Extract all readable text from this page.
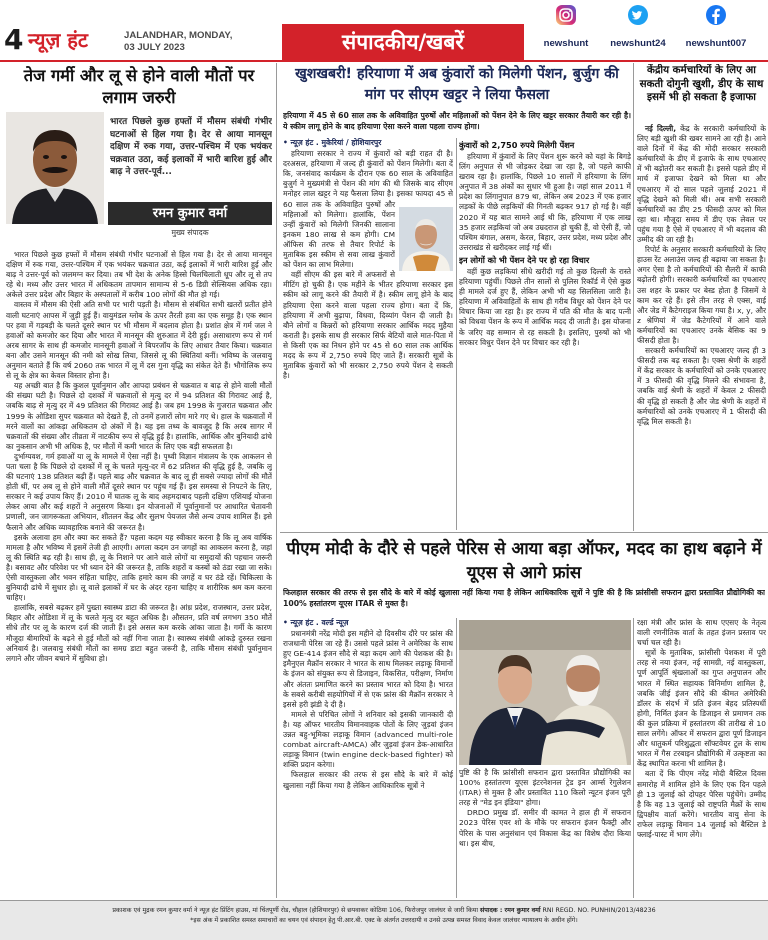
4 न्यूज़ हंट	JALANDHAR, MONDAY,
03 JULY 2023	संपादकीय/खबरें	newshunt	newshunt24	newshunt007
तेज गर्मी और लू से होने वाली मौतों पर लगाम जरुरी
भारत पिछले कुछ हफ्तों में मौसम संबंधी गंभीर घटनाओं से हिल गया है। देर से आया मानसून दक्षिण में रुक गया, उत्तर-पश्चिम में एक भयंकर चक्रवात उठा, कई इलाकों में भारी बारिश हुई और बाढ़ ने उत्तर-पूर्व...
रमन कुमार वर्मा
मुख्य संपादक

भारत पिछले कुछ हफ्तों में मौसम संबंधी गंभीर घटनाओं से हिल गया है। देर से आया मानसून दक्षिण में रुक गया, उत्तर-पश्चिम में एक भयंकर चक्रवात उठा, कई इलाकों में भारी बारिश हुई और बाढ़ ने उत्तर-पूर्व को जलमग्न कर दिया। तब भी देश के अनेक हिस्से चिलचिलाती धूप और लू से तप रहे थे। मध्य और उत्तर भारत में अधिकतम तापमान सामान्य से 5-6 डिग्री सेल्सियस अधिक रहा। अकेले उत्तर प्रदेश और बिहार के अस्पतालों में करीब 100 लोगों की मौत हो गई।

वास्तव में मौसम की ऐसी अति सभी पर भारी पड़ती है। मौसम से संबंधित सभी खतरों प्रतीत होने वाली घटनाएं आपस में जुड़ी हुई हैं। वायुमंडल ग्लोब के ऊपर तैरती हवा का एक समूह है। एक स्थान पर हवा में गड़बड़ी के चलते दूसरे स्थान पर भी मौसम में बदलाव होता है। प्रशांत क्षेत्र में गर्म जल ने हवाओं को कमजोर कर दिया और भारत में मानसून की शुरुआत में देरी हुई। असाधारण रूप से गर्म अरब सागर के साथ ही कमजोर मानसूनी हवाओं ने बिपरजॉय के लिए आधार तैयार किया। चक्रवात बना और उसने मानसून की नमी को सोख लिया, जिससे लू की स्थितियां बनीं। भविष्य के जलवायु अनुमान बताते हैं कि वर्ष 2060 तक भारत में लू में दस गुना वृद्धि का संकेत देते हैं। भौगोलिक रूप से लू के क्षेत्र का केवल विस्तार होना है।

यह अच्छी बात है कि कुशल पूर्वानुमान और आपदा प्रबंधन से चक्रवात व बाढ़ से होने वाली मौतों की संख्या घटी है। पिछले दो दशकों में चक्रवातों से मृत्यु दर में 94 प्रतिशत की गिरावट आई है, जबकि बाढ़ से मृत्यु दर में 49 प्रतिशत की गिरावट आई है। जब हम 1998 के गुजरात चक्रवात और 1999 के ओडिशा सुपर चक्रवात को देखते हैं, तो उनमें हजारों लोग मारे गए थे। हाल के चक्रवातों में मरने वालों का आंकड़ा अधिकतम दो अंकों में है। यह इस तथ्य के बावजूद है कि अरब सागर में चक्रवातों की संख्या और तीव्रता में नाटकीय रूप से वृद्धि हुई है। हालांकि, आर्थिक और बुनियादी ढांचे का नुकसान अभी भी अधिक है, पर मौतों में कमी भारत के लिए एक बड़ी सफलता है।

दुर्भाग्यवश, गर्म हवाओं या लू के मामले में ऐसा नहीं है। पृथ्वी विज्ञान मंत्रालय के एक आकलन से पता चला है कि पिछले दो दशकों में लू के चलते मृत्यु-दर में 62 प्रतिशत की वृद्धि हुई है, जबकि लू की घटनाएं 138 प्रतिशत बढ़ी हैं। पहले बाढ़ और चक्रवात के बाद लू ही सबसे ज्यादा लोगों की मौतें होती थीं, पर अब लू से होने वाली मौतें दूसरे स्थान पर पहुंच गई हैं। इस समस्या से निपटने के लिए, सरकार ने कई उपाय किए हैं। 2010 में घातक लू के बाद अहमदाबाद पहली दक्षिण एशियाई योजना लेकर आया और कई शहरों ने अनुसरण किया। इन योजनाओं में पूर्वानुमानों पर आधारित चेतावनी प्रणाली, जन जागरूकता अभियान, शीतलन केंद्र और सुलभ पेयजल जैसे अन्य उपाय शामिल हैं। इसे फैलाने और अधिक व्यावहारिक बनाने की जरूरत है।

इसके अलावा हम और क्या कर सकते हैं? पहला कदम यह स्वीकार करना है कि लू अब वार्षिक मामला है और भविष्य में इसमें तेजी ही आएगी। अगला कदम उन जगहों का आकलन करना है, जहां लू की स्थिति बढ़ रही है। साथ ही, लू के निशाने पर आने वाले लोगों या समुदायों की पहचान जरूरी है। बसावट और परिवेश पर भी ध्यान देने की जरूरत है, ताकि शहरों व कस्बों को ठंडा रखा जा सके। ऐसी वास्तुकला और भवन संहिता चाहिए, ताकि हमारे काम की जगहें व घर ठंडे रहें। चिकित्सा के बुनियादी ढांचे में सुधार हो। लू वाले इलाकों में घर के अंदर रहना चाहिए व शारीरिक श्रम कम करना चाहिए।

हालांकि, सबसे बढ़कर हमें पुख्ता स्वास्थ्य डाटा की जरूरत है। आंध्र प्रदेश, राजस्थान, उत्तर प्रदेश, बिहार और ओडिशा में लू के चलते मृत्यु दर बहुत अधिक है। औसतन, प्रति वर्ष लगभग 350 मौतें सीधे तौर पर लू के कारण दर्ज की जाती हैं। इसे असल कम करके आंका जाता है। गर्मी के कारण मौजूदा बीमारियों के बढ़ने से हुई मौतों को नहीं गिना जाता है। स्वास्थ्य संबंधी आंकड़े दुरुस्त रखना अनिवार्य है। जलवायु संबंधी मौतों का समग्र डाटा बहुत जरूरी है, ताकि मौसम संबंधी पूर्वानुमान लगाने और जीवन बचाने में सुविधा हो।

खुशखबरी! हरियाणा में अब कुंवारों को मिलेगी पेंशन, बुर्जुग की मांग पर सीएम खट्टर ने लिया फैसला
हरियाणा में 45 से 60 साल तक के अविवाहित पुरुषों और महिलाओं को पेंशन देने के लिए खट्टर सरकार तैयारी कर रही है। ये स्कीम लागू होने के बाद हरियाणा ऐसा करने वाला पहला राज्य होगा।
• न्यूज़ हंट . मुकेरियां / होशियारपुर

हरियाणा सरकार ने राज्य में कुंवारों को बड़ी राहत दी है। दरअसल, हरियाणा में जल्द ही कुंवारों को पेंशन मिलेगी। बता दें कि, जनसंवाद कार्यक्रम के दौरान एक 60 साल के अविवाहित बुजुर्ग ने मुख्यमंत्री से पेंशन की मांग की थी जिसके बाद सीएम मनोहर लाल खट्टर ने यह फैसला लिया है। इसका फायदा 45 से 60 साल तक के अविवाहित पुरुषों और महिलाओं को मिलेगा। हालांकि, पेंशन उन्हीं कुंवारों को मिलेगी जिनकी सालाना इनकम 180 लाख से कम होगी। CM ऑफिस की तरफ से तैयार रिपोर्ट के मुताबिक इस स्कीम से सवा लाख कुंवारों को पेंशन का लाभ मिलेगा।

वहीं सीएम की इस बारे में अफसरों से मीटिंग हो चुकी है। एक महीने के भीतर हरियाणा सरकार इस स्कीम को लागू करने की तैयारी में है। स्कीम लागू होने के बाद हरियाणा ऐसा करने वाला पहला राज्य होगा। बता दें कि, हरियाणा में अभी बुढ़ापा, विधवा, दिव्यांग पेंशन दी जाती है। बौने लोगों व किन्नरों को हरियाणा सरकार आर्थिक मदद मुहैया कराती है। इसके साथ ही सरकार सिर्फ बेटियों वाले मात-पिता में से किसी एक का निधन होने पर 45 से 60 साल तक आर्थिक मदद के रूप में 2,750 रुपये दिए जाते हैं। सरकारी सूत्रों के मुताबिक कुंवारों को भी सरकार 2,750 रुपये पेंशन दे सकती है।

कुंवारों को 2,750 रुपये मिलेगी पेंशन

हरियाणा में कुंवारों के लिए पेंशन शुरू करने को यहां के बिगड़े लिंग अनुपात से भी जोड़कर देखा जा रहा है, जो पहले काफी खराब रहा है। हालांकि, पिछले 10 सालों में हरियाणा के लिंग अनुपात में 38 अंकों का सुधार भी हुआ है। जहां साल 2011 में प्रदेश का लिंगानुपात 879 था, लेकिन अब 2023 में एक हजार लड़कों के पीछे लड़कियों की गिनती बढ़कर 917 हो गई है। वहीं 2020 में यह बात सामने आई थी कि, हरियाणा में एक लाख 35 हजार लड़कियां जो अब उम्रदराज हो चुकी हैं, वो ऐसी हैं, जो पश्चिम बंगाल, असम, केरल, बिहार, उत्तर प्रदेश, मध्य प्रदेश और उत्तराखंड से खरीदकर लाई गई थीं।

इन लोगों को भी पेंशन देने पर हो रहा विचार

वहीं कुछ लड़कियां सीधे खरीदी गई तो कुछ दिल्ली के रास्ते हरियाणा पहुंचीं। पिछले तीन सालों से पुलिस रिकॉर्ड में ऐसे कुछ ही मामले दर्ज हुए हैं, लेकिन अभी भी यह सिलसिला जारी है। हरियाणा में अविवाहितों के साथ ही गरीब विधुर को पेंशन देने पर विचार किया जा रहा है। हर राज्य में पति की मौत के बाद पत्नी को विधवा पेंशन के रूप में आर्थिक मदद दी जाती है। इस योजना के जरिए वह सम्मान से रह सकती है। इसलिए, पुरुषों को भी सरकार विधुर पेंशन देने पर विचार कर रही है।

केंद्रीय कर्मचारियों के लिए आ सकती दोगुनी खुशी, डीए के साथ इसमें भी हो सकता है इजाफा

नई दिल्ली, केंद्र के सरकारी कर्मचारियों के लिए बड़ी खुशी की खबर सामने आ रही है। आने वाले दिनों में केंद्र की मोदी सरकार सरकारी कर्मचारियों के डीए में इजाफे के साथ एचआरए में भी बढ़ोतरी कर सकती है। इससे पहले डीए में मार्च में इजाफा देखने को मिला था और एचआरए में दो साल पहले जुलाई 2021 में वृद्धि देखने को मिली थी। अब सभी सरकारी कर्मचारियों का डीए 25 फीसदी ऊपर को मिल रहा था। मौजूदा समय में डीए एक लेवल पर पहुंच गया है ऐसे में एचआरए में भी बदलाव की उम्मीद की जा रही है।

रिपोर्ट के अनुसार सरकारी कर्मचारियों के लिए हाउस रेंट अलाउंस जल्द ही बढ़ाया जा सकता है। अगर ऐसा है तो कर्मचारियों की सैलरी में काफी बढ़ोतरी होगी। सरकारी कर्मचारियों का एचआरए उस शहर के प्रकार पर बेस्ड होता है जिसमें वे काम कर रहे हैं। इसे तीन तरह से एक्स, वाई और जेड में कैटेगराइज किया गया है। x, y, और z श्रेणियां में जेड कैटेगरियों में आने वाले कर्मचारियों का एचआरए उनके बेसिक का 9 फीसदी होता है।

सरकारी कर्मचारियों का एचआरए जल्द ही 3 फीसदी तक बढ़ सकता है। एक्स श्रेणी के शहरों में केंद्र सरकार के कर्मचारियों को उनके एचआरए में 3 फीसदी की वृद्धि मिलने की संभावना है, जबकि वाई श्रेणी के शहरों में केवल 2 फीसदी की वृद्धि हो सकती है और जेड श्रेणी के शहरों में कर्मचारियों को उनके एचआरए में 1 फीसदी की वृद्धि मिल सकती है।

पीएम मोदी के दौरे से पहले पेरिस से आया बड़ा ऑफर, मदद का हाथ बढ़ाने में यूएस से आगे फ्रांस
फिलहाल सरकार की तरफ से इस सौदे के बारे में कोई खुलासा नहीं किया गया है लेकिन आधिकारिक सूत्रों ने पुष्टि की है कि फ्रांसीसी सफरान द्वारा प्रस्तावित प्रौद्योगिकी का 100% हस्तांतरण यूएस ITAR से मुक्त है।
• न्यूज़ हंट . वर्ल्ड न्यूज़

प्रधानमंत्री नरेंद्र मोदी इस महीने दो दिवसीय दौरे पर फ्रांस की राजधानी पेरिस जा रहे हैं। उससे पहले फ्रांस ने अमेरिका के साथ हुए GE-414 इंजन सौदे से बड़ा कदम आगे की पेशकश की है। इमैनुएल मैक्रॉन सरकार ने भारत के साथ मिलकर लड़ाकू विमानों के इंजन को संयुक्त रूप से डिजाइन, विकसित, परीक्षण, निर्माण और अंततः प्रमाणित करने का प्रस्ताव भारत को दिया है। भारत के सबसे करीबी सहयोगियों में से एक फ्रांस की मैक्रॉन सरकार ने इससे हरी झंडी दे दी है।

मामले से परिचित लोगों ने शनिवार को इसकी जानकारी दी है। यह ऑफर भारतीय विमानवाहक पोतों के लिए जुड़वां इंजन उन्नत बहु-भूमिका लड़ाकू विमान (advanced multi-role combat aircraft-AMCA) और जुड़वां इंजन डेक-आधारित लड़ाकू विमान (twin engine deck-based fighter) को शक्ति प्रदान करेगा।

फिलहाल सरकार की तरफ से इस सौदे के बारे में कोई खुलासा नहीं किया गया है लेकिन आधिकारिक सूत्रों ने

पुष्टि की है कि फ्रांसीसी सफरान द्वारा प्रस्तावित प्रौद्योगिकी का 100% हस्तांतरण यूएस इंटरनेशनल ट्रेड इन आर्म्स रेगुलेशन (ITAR) से मुक्त है और प्रस्तावित 110 किलो न्यूटन इंजन पूरी तरह से "मेड इन इंडिया" होगा।

DRDO प्रमुख डॉ. समीर वी कामत ने हाल ही में सफरान 2023 पेरिस एयर शो के मौके पर सफरान इंजन फैक्ट्री और पेरिस के पास अनुसंधान एवं विकास केंद्र का विशेष दौरा किया था। इस बीच,

रक्षा मंत्री और फ्रांस के साथ एएसए के नेतृत्व वाली रणनीतिक वार्ता के तहत इंजन प्रस्ताव पर चर्चा चल रही है।

सूत्रों के मुताबिक, फ्रांसीसी पेशकश में पूरी तरह से नया इंजन, नई सामग्री, नई वास्तुकला, पूर्ण आपूर्ति श्रृंखलाओं का गुप्त अनुपालन और भारत में स्थित सहायक विनिर्माण शामिल है, जबकि जीई इंजन सौदे की कीमत अमेरिकी डॉलर के संदर्भ में प्रति इंजन बेहद प्रतिस्पर्धी होगी, निर्मित इंजन के डिजाइन से प्रमाणन तक की कुल प्रक्रिया में हस्तांतरण की तारीख से 10 साल लगेंगे। ऑफर में सफरान द्वारा पूर्ण डिजाइन और धातुकर्म परिशुद्धता सॉफ्टवेयर टूल के साथ भारत में गैस टरबाइन प्रौद्योगिकी में उत्कृष्टता का केंद्र स्थापित करना भी शामिल है।

बता दें कि पीएम नरेंद्र मोदी बैस्टिल दिवस समारोह में शामिल होने के लिए एक दिन पहले ही 13 जुलाई को दोपहर पेरिस पहुंचेंगे। उम्मीद है कि वह 13 जुलाई को राष्ट्रपति मैक्रों के साथ द्विपक्षीय वार्ता करेंगे। भारतीय वायु सेना के राफेल लड़ाकू विमान 14 जुलाई को बैस्टिल डे फ्लाई-पास्ट में भाग लेंगे।

प्रकाशक एवं मुद्रक रमन कुमार वर्मा ने न्यूज़ हंट प्रिंटिंग हाउस, मां चिंतपूर्णी रोड, चौहाल (होशियारपुर) से छपवाकर कोठिया 106, फिरोजपुर जालंधर से जारी किया संपादक : रमन कुमार वर्मा RNI REGD. NO. PUNHIN/2013/48236

*इस अंक में प्रकाशित समस्त समाचारों का चयन एवं संपादन हेतु पी.आर.बी. एक्ट के अंतर्गत उत्तरदायी व उनसे उत्पन्न समस्त विवाद केवल जालंधर न्यायालय के अधीन होंगे।
